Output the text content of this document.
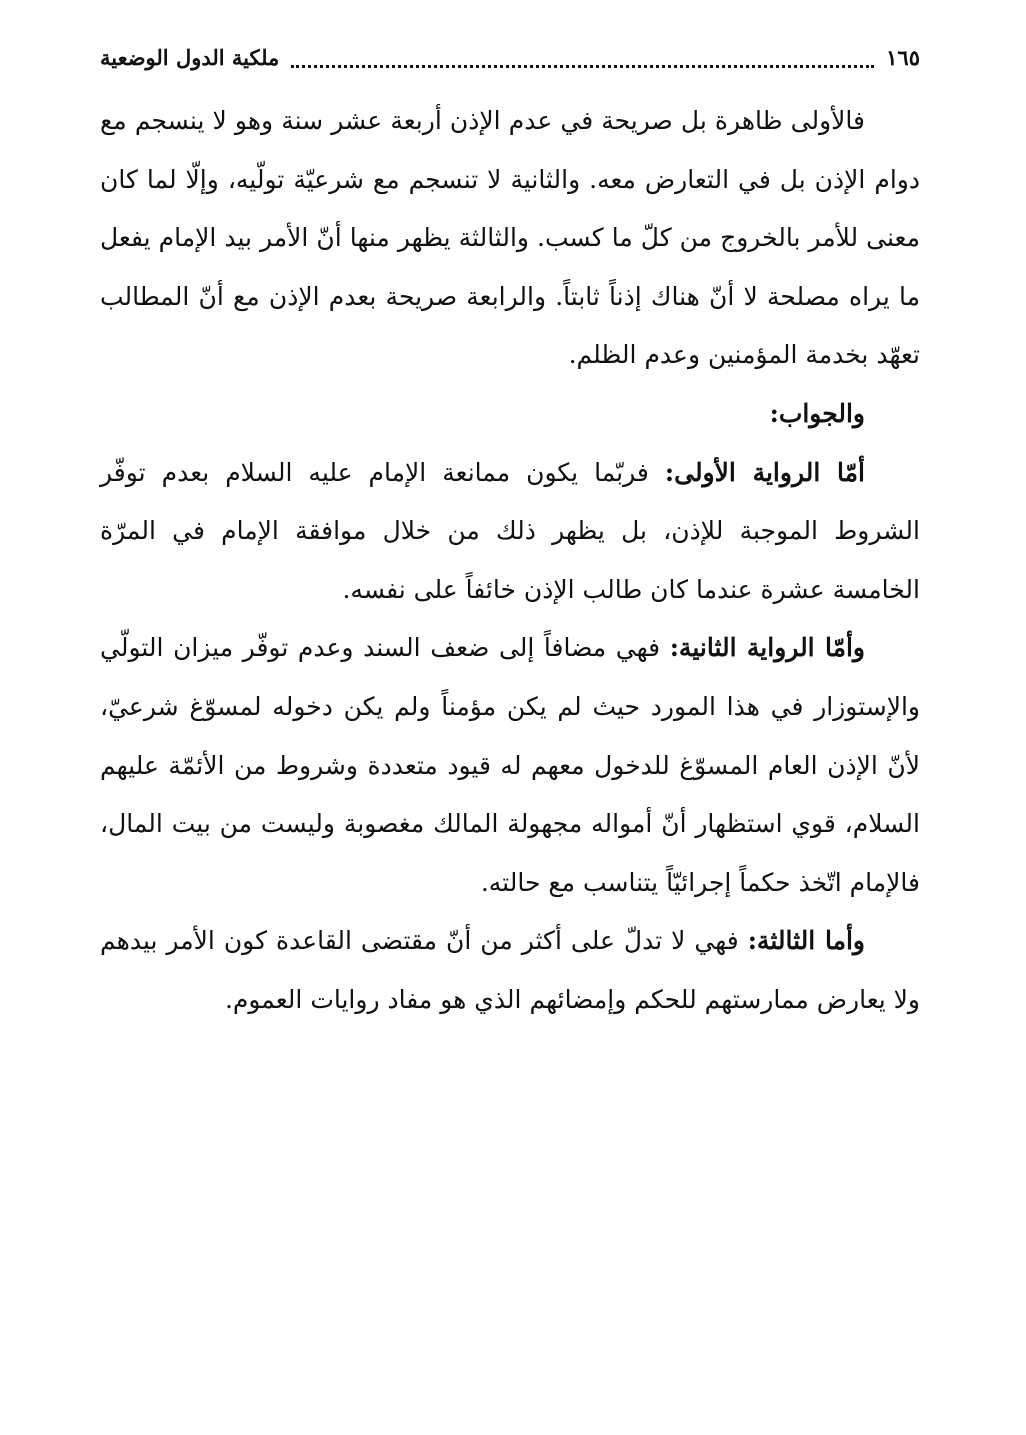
١٦٥
ملكية الدول الوضعية

فالأولى ظاهرة بل صريحة في عدم الإذن أربعة عشر سنة وهو لا ينسجم مع دوام الإذن بل في التعارض معه. والثانية لا تنسجم مع شرعيّة تولّيه، وإلّا لما كان معنى للأمر بالخروج من كلّ ما كسب. والثالثة يظهر منها أنّ الأمر بيد الإمام يفعل ما يراه مصلحة لا أنّ هناك إذناً ثابتاً. والرابعة صريحة بعدم الإذن مع أنّ المطالب تعهّد بخدمة المؤمنين وعدم الظلم.

والجواب:

أمّا الرواية الأولى: فربّما يكون ممانعة الإمام عليه السلام بعدم توفّر الشروط الموجبة للإذن، بل يظهر ذلك من خلال موافقة الإمام في المرّة الخامسة عشرة عندما كان طالب الإذن خائفاً على نفسه.

وأمّا الرواية الثانية: فهي مضافاً إلى ضعف السند وعدم توفّر ميزان التولّي والإستوزار في هذا المورد حيث لم يكن مؤمناً ولم يكن دخوله لمسوّغ شرعيّ، لأنّ الإذن العام المسوّغ للدخول معهم له قيود متعددة وشروط من الأئمّة عليهم السلام، قوي استظهار أنّ أمواله مجهولة المالك مغصوبة وليست من بيت المال، فالإمام اتّخذ حكماً إجرائيّاً يتناسب مع حالته.

وأما الثالثة: فهي لا تدلّ على أكثر من أنّ مقتضى القاعدة كون الأمر بيدهم ولا يعارض ممارستهم للحكم وإمضائهم الذي هو مفاد روايات العموم.
